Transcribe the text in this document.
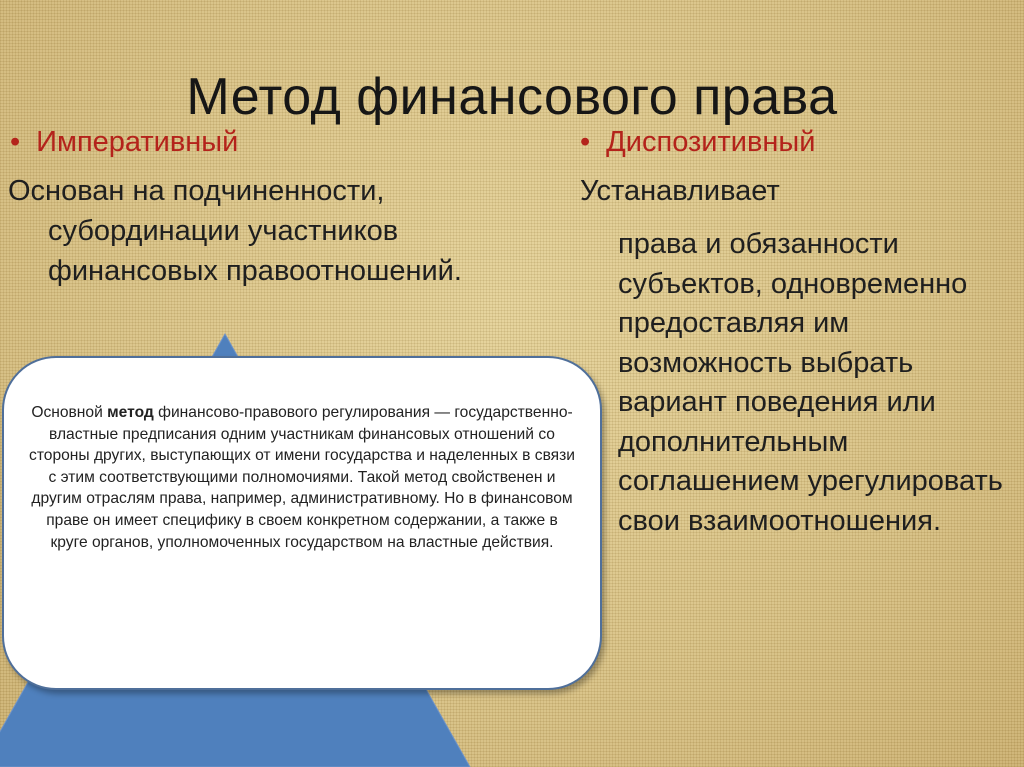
Метод финансового права
• Императивный	• Диспозитивный
Основан на подчиненности,
субординации участников финансовых правоотношений.
Устанавливает
права и обязанности субъектов, одновременно предоставляя им возможность выбрать вариант поведения или дополнительным соглашением урегулировать свои взаимоотношения.
Основной метод финансово-правового регулирования — государственно-властные предписания одним участникам финансовых отношений со стороны других, выступающих от имени государства и наделенных в связи с этим соответствующими полномочиями. Такой метод свойственен и другим отраслям права, например, административному. Но в финансовом праве он имеет специфику в своем конкретном содержании, а также в круге органов, уполномоченных государством на властные действия.
